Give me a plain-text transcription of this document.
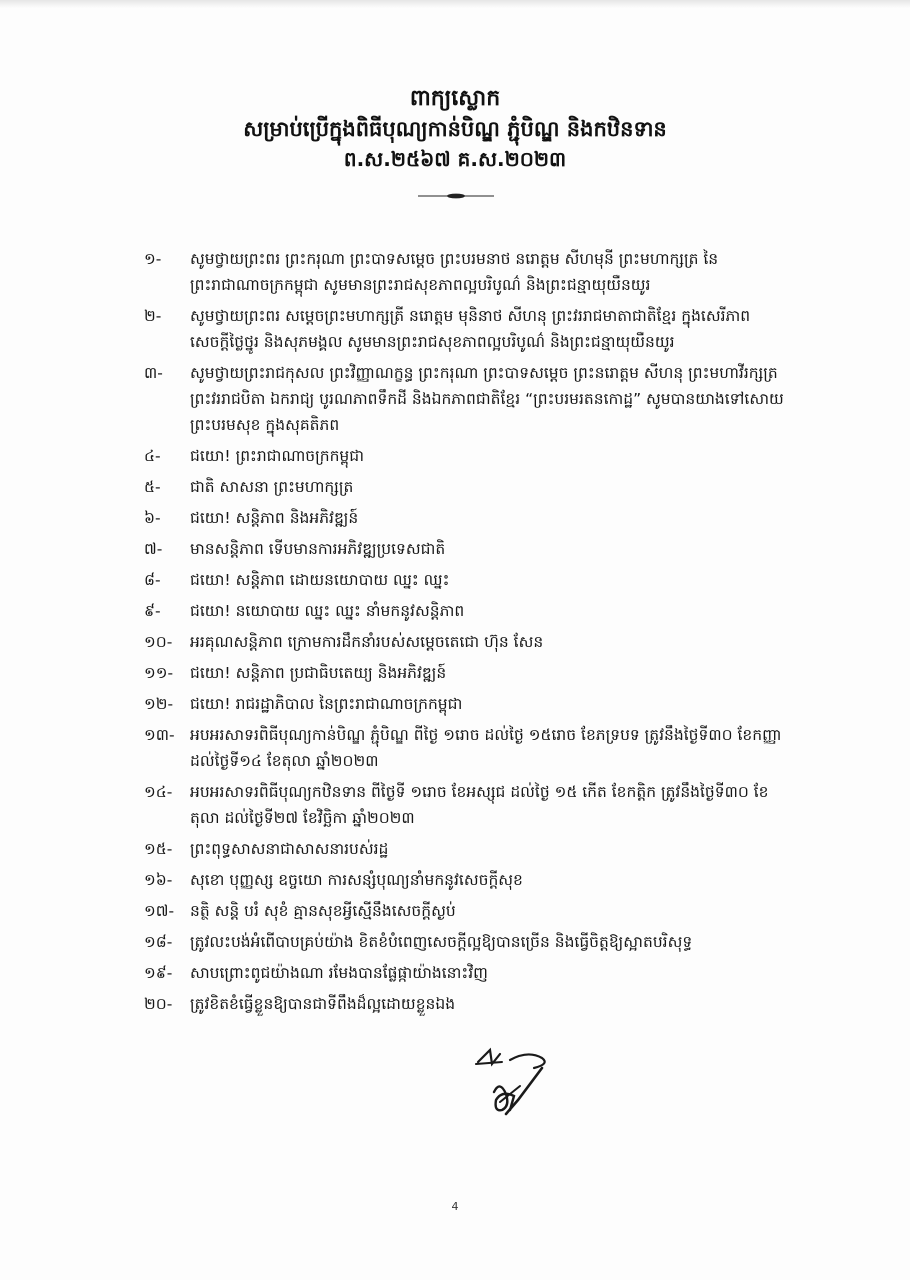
ពាក្យស្លោក
សម្រាប់ប្រើក្នុងពិធីបុណ្យកាន់បិណ្ឌ ភ្ជុំបិណ្ឌ និងកឋិនទាន
ព.ស.២៥៦៧ គ.ស.២០២៣
១-	សូមថ្វាយព្រះពរ ព្រះករុណា ព្រះបាទសម្តេច ព្រះបរមនាថ នរោត្តម សីហមុនី ព្រះមហាក្សត្រ នៃព្រះរាជាណាចក្រកម្ពុជា សូមមានព្រះរាជសុខភាពល្អបរិបូណ៌ និងព្រះជន្មាយុយឺនយូរ
២-	សូមថ្វាយព្រះពរ សម្តេចព្រះមហាក្សត្រី នរោត្តម មុនិនាថ សីហនុ ព្រះវររាជមាតាជាតិខ្មែរ ក្នុងសេរីភាព សេចក្តីថ្លៃថ្នូរ និងសុភមង្គល សូមមានព្រះរាជសុខភាពល្អបរិបូណ៌ និងព្រះជន្មាយុយឺនយូរ
៣-	សូមថ្វាយព្រះរាជកុសល ព្រះវិញ្ញាណក្ខន្ធ ព្រះករុណា ព្រះបាទសម្តេច ព្រះនរោត្តម សីហនុ ព្រះមហាវីរក្សត្រ ព្រះវររាជបិតា ឯករាជ្យ បូរណភាពទឹកដី និងឯកភាពជាតិខ្មែរ “ព្រះបរមរតនកោដ្ឋ” សូមបានយាងទៅសោយព្រះបរមសុខ ក្នុងសុគតិភព
៤-	ជយោ! ព្រះរាជាណាចក្រកម្ពុជា
៥-	ជាតិ សាសនា ព្រះមហាក្សត្រ
៦-	ជយោ! សន្តិភាព និងអភិវឌ្ឍន៍
៧-	មានសន្តិភាព ទើបមានការអភិវឌ្ឍប្រទេសជាតិ
៨-	ជយោ! សន្តិភាព ដោយនយោបាយ ឈ្នះ ឈ្នះ
៩-	ជយោ! នយោបាយ ឈ្នះ ឈ្នះ នាំមកនូវសន្តិភាព
១០-	អរគុណសន្តិភាព ក្រោមការដឹកនាំរបស់សម្តេចតេជោ ហ៊ុន សែន
១១-	ជយោ! សន្តិភាព ប្រជាធិបតេយ្យ និងអភិវឌ្ឍន៍
១២-	ជយោ! រាជរដ្ឋាភិបាល នៃព្រះរាជាណាចក្រកម្ពុជា
១៣- អបអរសាទរពិធីបុណ្យកាន់បិណ្ឌ ភ្ជុំបិណ្ឌ ពីថ្ងៃ ១រោច ដល់ថ្ងៃ ១៥រោច ខែភទ្របទ ត្រូវនឹងថ្ងៃទី៣០ ខែកញ្ញា ដល់ថ្ងៃទី១៤ ខែតុលា ឆ្នាំ២០២៣
១៤-	អបអរសាទរពិធីបុណ្យកឋិនទាន ពីថ្ងៃទី ១រោច ខែអស្សុជ ដល់ថ្ងៃ ១៥ កើត ខែកត្តិក ត្រូវនឹងថ្ងៃទី៣០ ខែតុលា ដល់ថ្ងៃទី២៧ ខែវិច្ឆិកា ឆ្នាំ២០២៣
១៥-	ព្រះពុទ្ធសាសនាជាសាសនារបស់រដ្ឋ
១៦-	សុខោ បុញ្ញស្ស ឧច្ចយោ ការសន្សំបុណ្យនាំមកនូវសេចក្តីសុខ
១៧-	នត្ថិ សន្តិ បរំ សុខំ គ្មានសុខអ្វីស្មើនឹងសេចក្តីស្ងប់
១៨-	ត្រូវលះបង់អំពើបាបគ្រប់យ៉ាង ខិតខំបំពេញសេចក្តីល្អឱ្យបានច្រើន និងធ្វើចិត្តឱ្យស្អាតបរិសុទ្ធ
១៩-	សាបព្រោះពូជយ៉ាងណា រមែងបានផ្លែផ្កាយ៉ាងនោះវិញ
២០-	ត្រូវខិតខំធ្វើខ្លួនឱ្យបានជាទីពឹងដ៏ល្អដោយខ្លួនឯង
4
